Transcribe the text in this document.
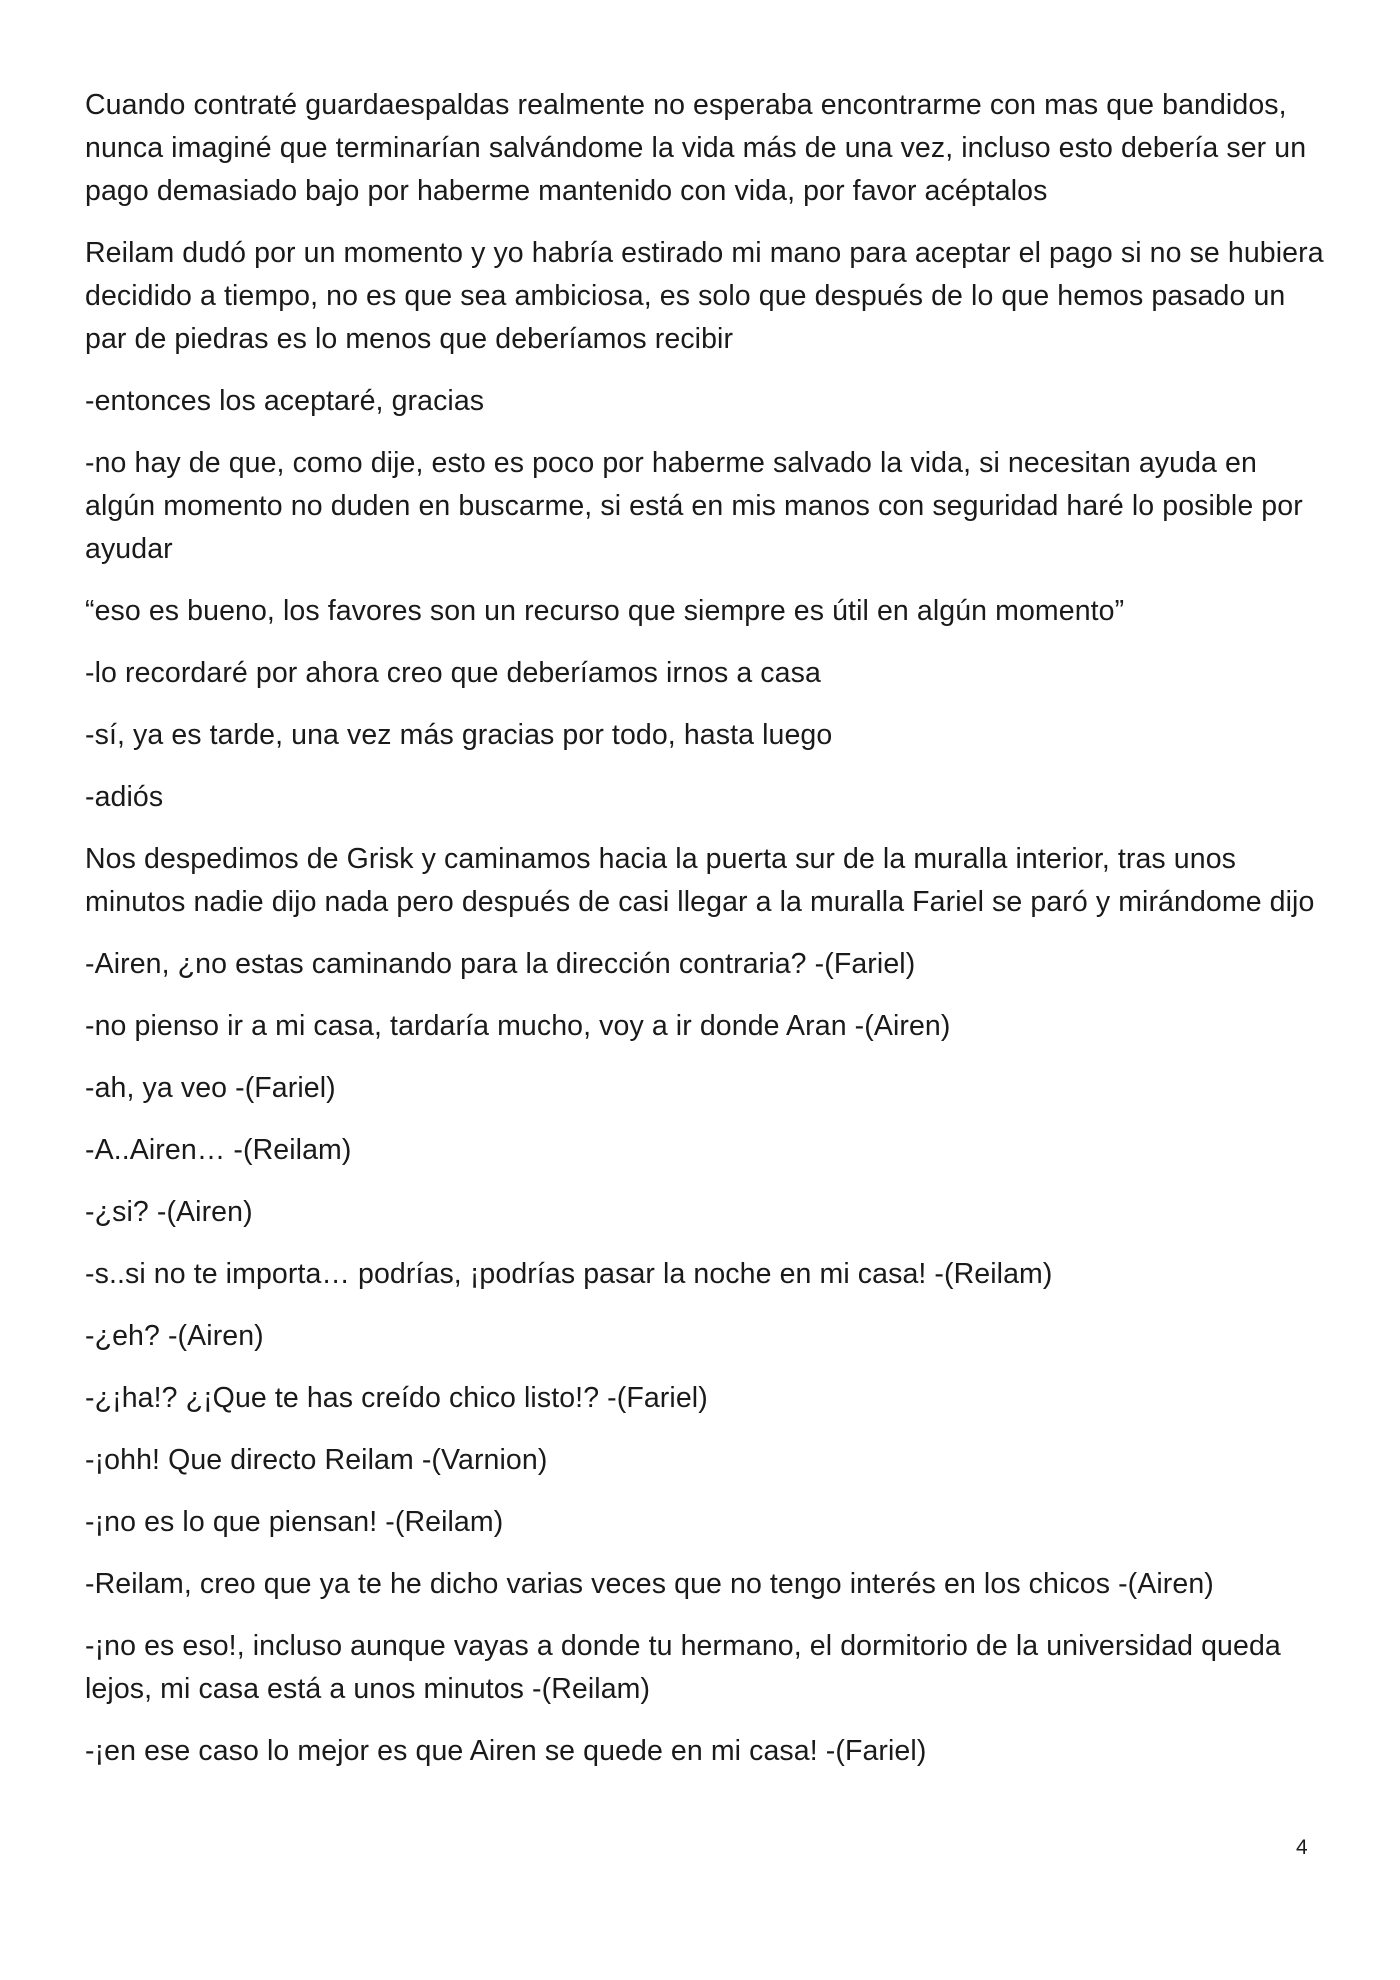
Cuando contraté guardaespaldas realmente no esperaba encontrarme con mas que bandidos, nunca imaginé que terminarían salvándome la vida más de una vez, incluso esto debería ser un pago demasiado bajo por haberme mantenido con vida, por favor acéptalos

Reilam dudó por un momento y yo habría estirado mi mano para aceptar el pago si no se hubiera decidido a tiempo, no es que sea ambiciosa, es solo que después de lo que hemos pasado un par de piedras es lo menos que deberíamos recibir

-entonces los aceptaré, gracias

-no hay de que, como dije, esto es poco por haberme salvado la vida, si necesitan ayuda en algún momento no duden en buscarme, si está en mis manos con seguridad haré lo posible por ayudar

“eso es bueno, los favores son un recurso que siempre es útil en algún momento”

-lo recordaré por ahora creo que deberíamos irnos a casa

-sí, ya es tarde, una vez más gracias por todo, hasta luego

-adiós

Nos despedimos de Grisk y caminamos hacia la puerta sur de la muralla interior, tras unos minutos nadie dijo nada pero después de casi llegar a la muralla Fariel se paró y mirándome dijo

-Airen, ¿no estas caminando para la dirección contraria? -(Fariel)

-no pienso ir a mi casa, tardaría mucho, voy a ir donde Aran -(Airen)

-ah, ya veo -(Fariel)

-A..Airen… -(Reilam)

-¿si? -(Airen)

-s..si no te importa… podrías, ¡podrías pasar la noche en mi casa! -(Reilam)

-¿eh? -(Airen)

-¿¡ha!? ¿¡Que te has creído chico listo!? -(Fariel)

-¡ohh! Que directo Reilam -(Varnion)

-¡no es lo que piensan! -(Reilam)

-Reilam, creo que ya te he dicho varias veces que no tengo interés en los chicos -(Airen)

-¡no es eso!, incluso aunque vayas a donde tu hermano, el dormitorio de la universidad queda lejos, mi casa está a unos minutos -(Reilam)

-¡en ese caso lo mejor es que Airen se quede en mi casa! -(Fariel)

4
